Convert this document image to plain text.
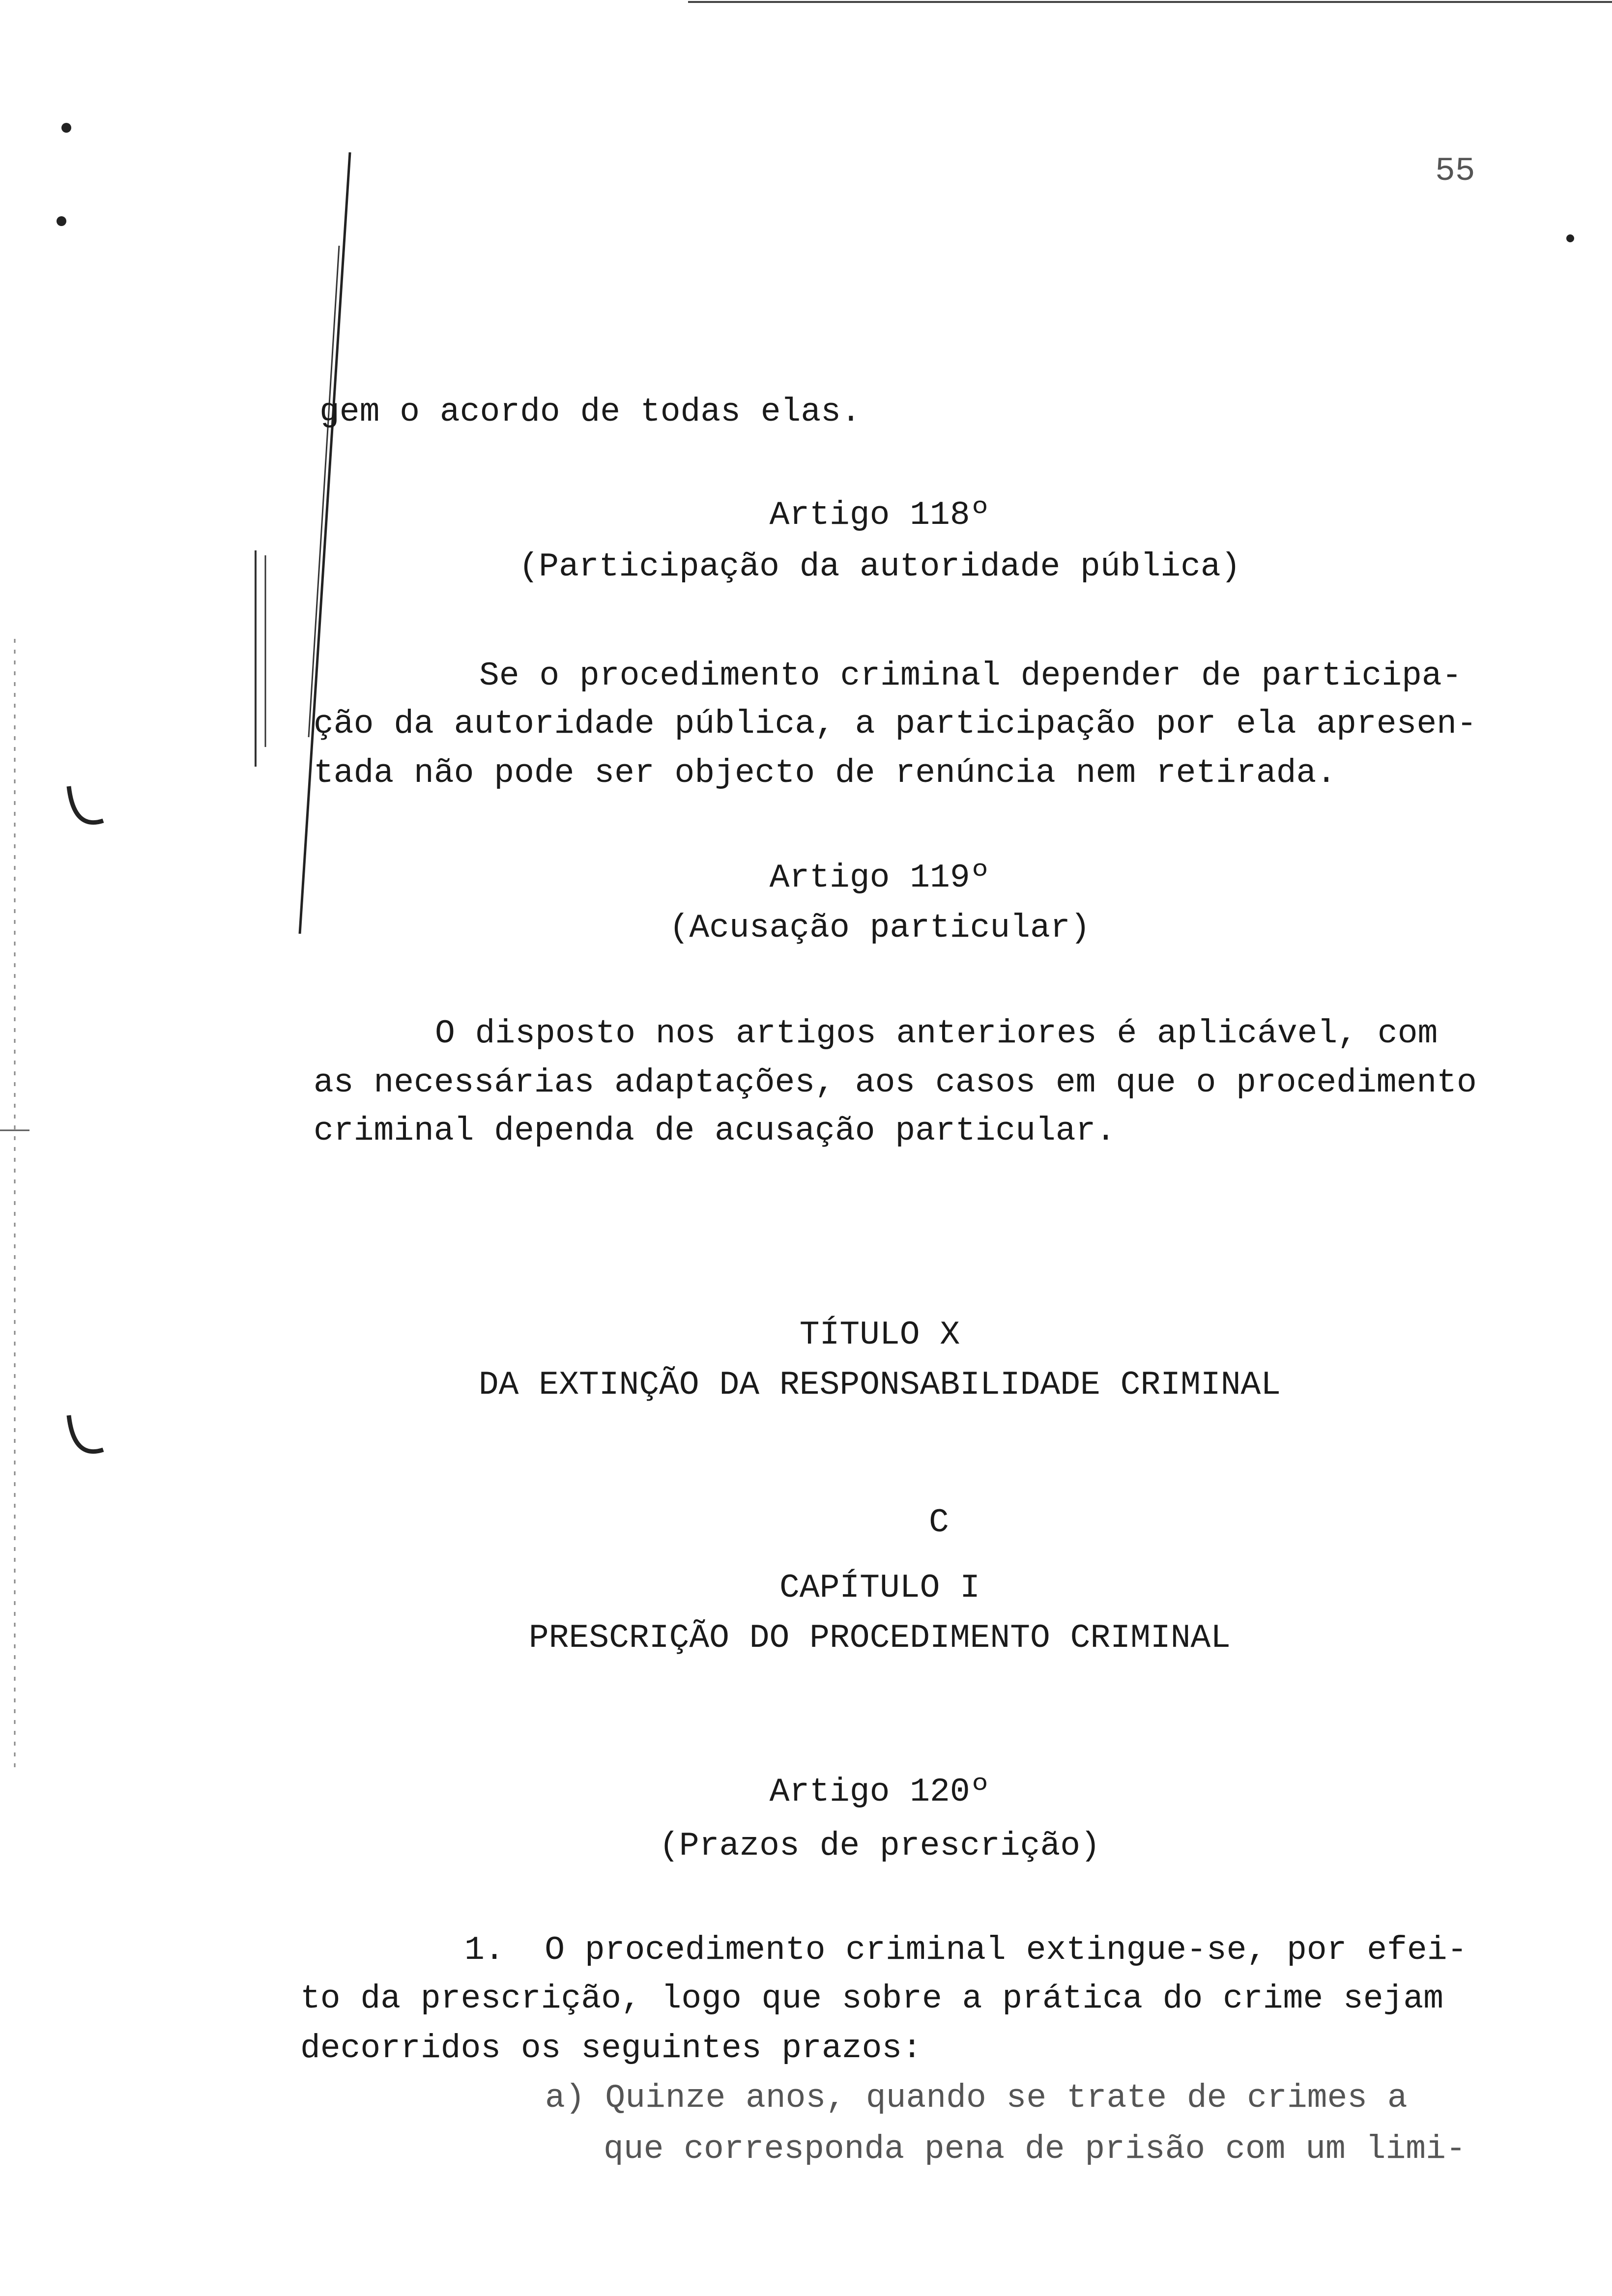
55
gem o acordo de todas elas.
Artigo 118º
(Participação da autoridade pública)
Se o procedimento criminal depender de participa-
ção da autoridade pública, a participação por ela apresen-
tada não pode ser objecto de renúncia nem retirada.
Artigo 119º
(Acusação particular)
O disposto nos artigos anteriores é aplicável, com
as necessárias adaptações, aos casos em que o procedimento
criminal dependa de acusação particular.
TÍTULO X
DA EXTINÇÃO DA RESPONSABILIDADE CRIMINAL
C
CAPÍTULO I
PRESCRIÇÃO DO PROCEDIMENTO CRIMINAL
Artigo 120º
(Prazos de prescrição)
1.  O procedimento criminal extingue-se, por efei-
to da prescrição, logo que sobre a prática do crime sejam
decorridos os seguintes prazos:
a) Quinze anos, quando se trate de crimes a
que corresponda pena de prisão com um limi-
